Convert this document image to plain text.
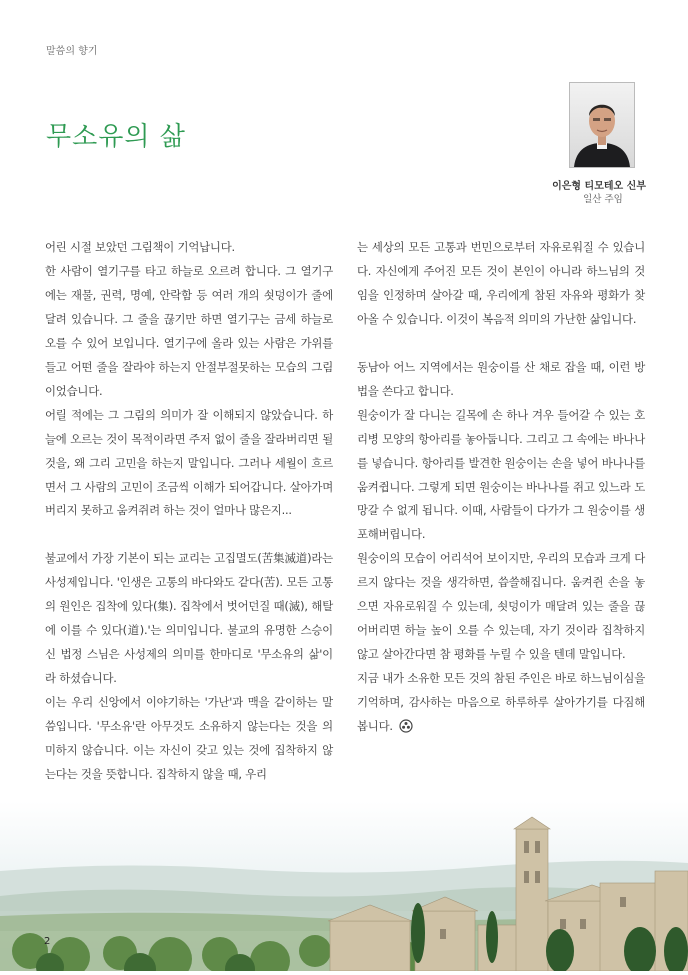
말씀의 향기
무소유의 삶
이은형 티모테오 신부
일산 주임

어린 시절 보았던 그림책이 기억납니다.

한 사람이 열기구를 타고 하늘로 오르려 합니다. 그 열기구에는 재물, 권력, 명예, 안락함 등 여러 개의 쇳덩이가 줄에 달려 있습니다. 그 줄을 끊기만 하면 열기구는 금세 하늘로 오를 수 있어 보입니다. 열기구에 올라 있는 사람은 가위를 들고 어떤 줄을 잘라야 하는지 안절부절못하는 모습의 그림이었습니다.

어릴 적에는 그 그림의 의미가 잘 이해되지 않았습니다. 하늘에 오르는 것이 목적이라면 주저 없이 줄을 잘라버리면 될 것을, 왜 그리 고민을 하는지 말입니다. 그러나 세월이 흐르면서 그 사람의 고민이 조금씩 이해가 되어갑니다. 살아가며 버리지 못하고 움켜쥐려 하는 것이 얼마나 많은지...

불교에서 가장 기본이 되는 교리는 고집멸도(苦集滅道)라는 사성제입니다. '인생은 고통의 바다와도 같다(苦). 모든 고통의 원인은 집착에 있다(集). 집착에서 벗어던질 때(滅), 해탈에 이를 수 있다(道).'는 의미입니다. 불교의 유명한 스승이신 법정 스님은 사성제의 의미를 한마디로 '무소유의 삶'이라 하셨습니다.

이는 우리 신앙에서 이야기하는 '가난'과 맥을 같이하는 말씀입니다. '무소유'란 아무것도 소유하지 않는다는 것을 의미하지 않습니다. 이는 자신이 갖고 있는 것에 집착하지 않는다는 것을 뜻합니다. 집착하지 않을 때, 우리

는 세상의 모든 고통과 번민으로부터 자유로워질 수 있습니다. 자신에게 주어진 모든 것이 본인이 아니라 하느님의 것임을 인정하며 살아갈 때, 우리에게 참된 자유와 평화가 찾아올 수 있습니다. 이것이 복음적 의미의 가난한 삶입니다.

동남아 어느 지역에서는 원숭이를 산 채로 잡을 때, 이런 방법을 쓴다고 합니다.

원숭이가 잘 다니는 길목에 손 하나 겨우 들어갈 수 있는 호리병 모양의 항아리를 놓아둡니다. 그리고 그 속에는 바나나를 넣습니다. 항아리를 발견한 원숭이는 손을 넣어 바나나를 움켜쥡니다. 그렇게 되면 원숭이는 바나나를 쥐고 있느라 도망갈 수 없게 됩니다. 이때, 사람들이 다가가 그 원숭이를 생포해버립니다.

원숭이의 모습이 어리석어 보이지만, 우리의 모습과 크게 다르지 않다는 것을 생각하면, 씁쓸해집니다. 움켜쥔 손을 놓으면 자유로워질 수 있는데, 쇳덩이가 매달려 있는 줄을 끊어버리면 하늘 높이 오를 수 있는데, 자기 것이라 집착하지 않고 살아간다면 참 평화를 누릴 수 있을 텐데 말입니다.

지금 내가 소유한 모든 것의 참된 주인은 바로 하느님이심을 기억하며, 감사하는 마음으로 하루하루 살아가기를 다짐해봅니다.

2
